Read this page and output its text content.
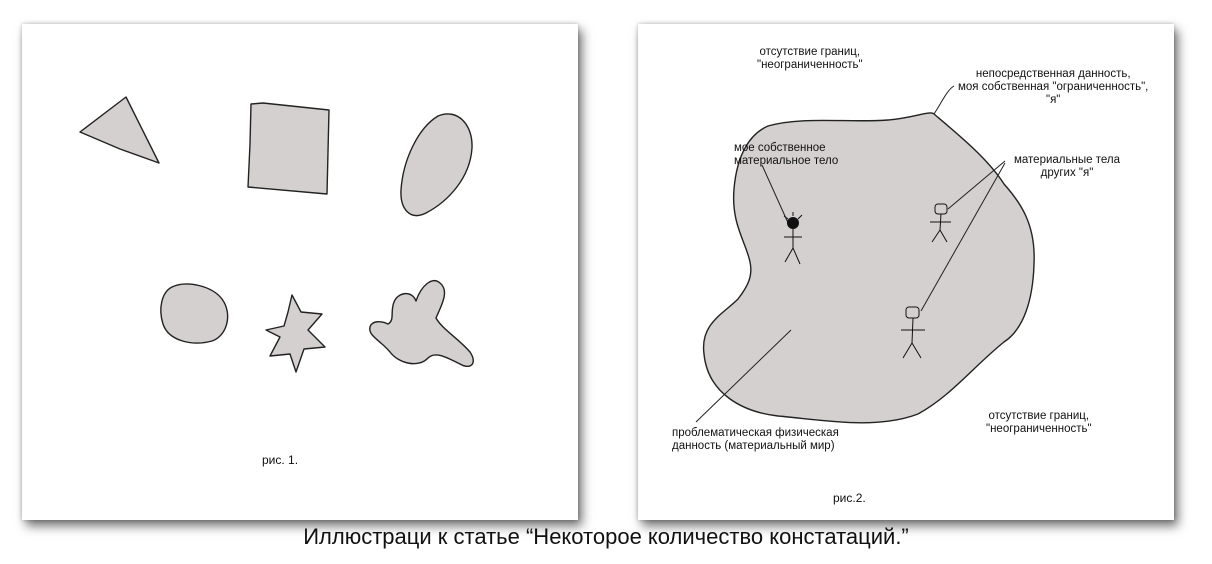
рис. 1.
отсутствие границ,
"неограниченность"
непосредственная данность,
моя собственная "ограниченность",
"я"
мое собственное
материальное тело	материальные тела
других "я"
проблематическая физическая
данность (материальный мир)
отсутствие границ,
"неограниченность"
рис.2.
Иллюстраци к статье “Некоторое количество констатаций.”
